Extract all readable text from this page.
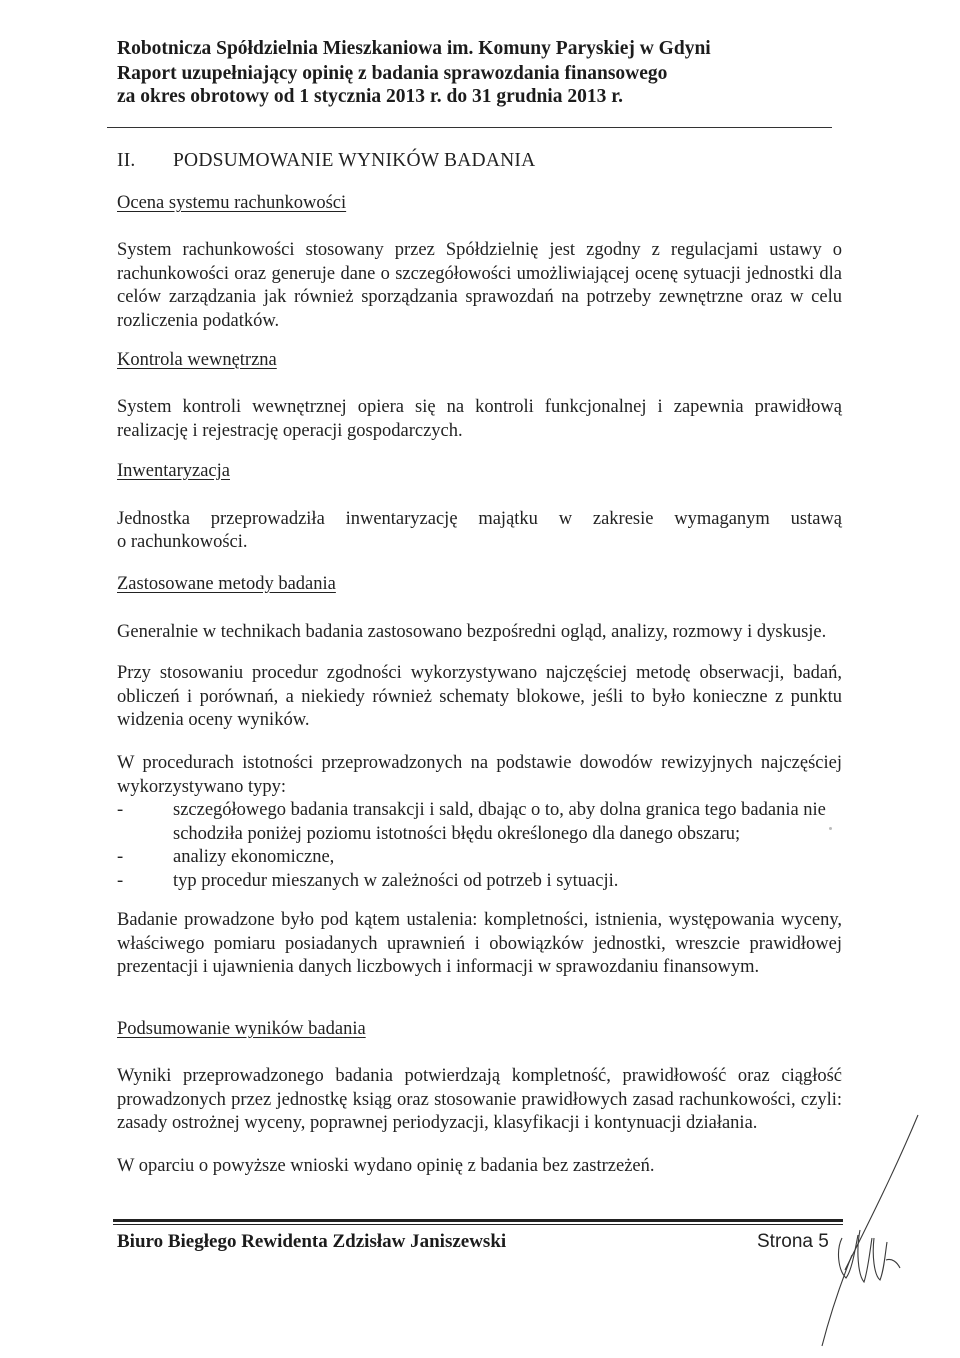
Robotnicza Spółdzielnia Mieszkaniowa im. Komuny Paryskiej w Gdyni
Raport uzupełniający opinię z badania sprawozdania finansowego
za okres obrotowy od 1 stycznia 2013 r. do 31 grudnia 2013 r.
II. PODSUMOWANIE WYNIKÓW BADANIA
Ocena systemu rachunkowości
System rachunkowości stosowany przez Spółdzielnię jest zgodny z regulacjami ustawy o rachunkowości oraz generuje dane o szczegółowości umożliwiającej ocenę sytuacji jednostki dla celów zarządzania jak również sporządzania sprawozdań na potrzeby zewnętrzne oraz w celu rozliczenia podatków.
Kontrola wewnętrzna
System kontroli wewnętrznej opiera się na kontroli funkcjonalnej i zapewnia prawidłową realizację i rejestrację operacji gospodarczych.
Inwentaryzacja
Jednostka przeprowadziła inwentaryzację majątku w zakresie wymaganym ustawą
o rachunkowości.
Zastosowane metody badania
Generalnie w technikach badania zastosowano bezpośredni ogląd, analizy, rozmowy i dyskusje.
Przy stosowaniu procedur zgodności wykorzystywano najczęściej metodę obserwacji, badań, obliczeń i porównań, a niekiedy również schematy blokowe, jeśli to było konieczne z punktu widzenia oceny wyników.
W procedurach istotności przeprowadzonych na podstawie dowodów rewizyjnych najczęściej wykorzystywano typy:
-	szczegółowego badania transakcji i sald, dbając o to, aby dolna granica tego badania nie schodziła poniżej poziomu istotności błędu określonego dla danego obszaru;
-	analizy ekonomiczne,
-	typ procedur mieszanych w zależności od potrzeb i sytuacji.
Badanie prowadzone było pod kątem ustalenia: kompletności, istnienia, występowania wyceny, właściwego pomiaru posiadanych uprawnień i obowiązków jednostki, wreszcie prawidłowej prezentacji i ujawnienia danych liczbowych i informacji w sprawozdaniu finansowym.
Podsumowanie wyników badania
Wyniki przeprowadzonego badania potwierdzają kompletność, prawidłowość oraz ciągłość prowadzonych przez jednostkę ksiąg oraz stosowanie prawidłowych zasad rachunkowości, czyli: zasady ostrożnej wyceny, poprawnej periodyzacji, klasyfikacji i kontynuacji działania.
W oparciu o powyższe wnioski wydano opinię z badania bez zastrzeżeń.
Biuro Biegłego Rewidenta Zdzisław Janiszewski	Strona 5
